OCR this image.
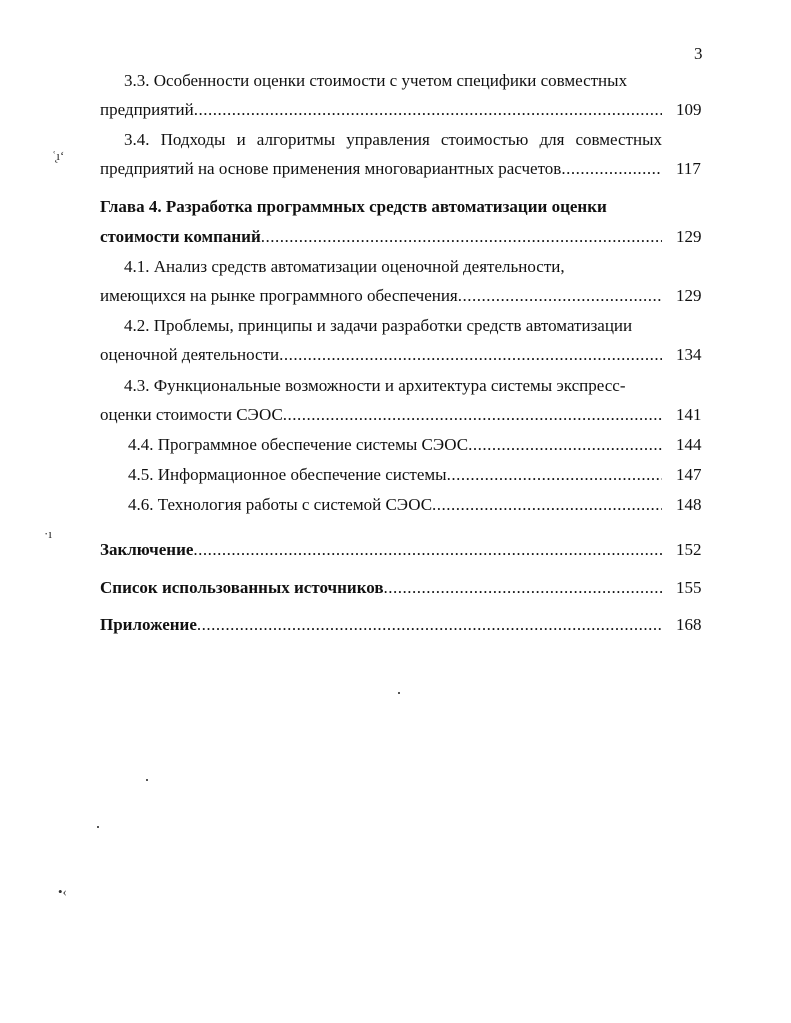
3
3.3. Особенности оценки стоимости с учетом специфики совместных
предприятий .....	109
3.4. Подходы и алгоритмы управления стоимостью для совместных
предприятий на основе применения многовариантных расчетов .....	117
Глава 4. Разработка программных средств автоматизации оценки
стоимости компаний .....	129
4.1. Анализ средств автоматизации оценочной деятельности,
имеющихся на рынке программного обеспечения .....	129
4.2. Проблемы, принципы и задачи разработки средств автоматизации
оценочной деятельности .....	134
4.3. Функциональные возможности и архитектура системы экспресс-
оценки стоимости СЭОС .....	141
4.4. Программное обеспечение системы СЭОС .....	144
4.5. Информационное обеспечение системы .....	147
4.6. Технология работы с системой СЭОС .....	148
Заключение .....	152
Список использованных источников .....	155
Приложение .....	168
ʿ̨ı‘
·ı
•‹
